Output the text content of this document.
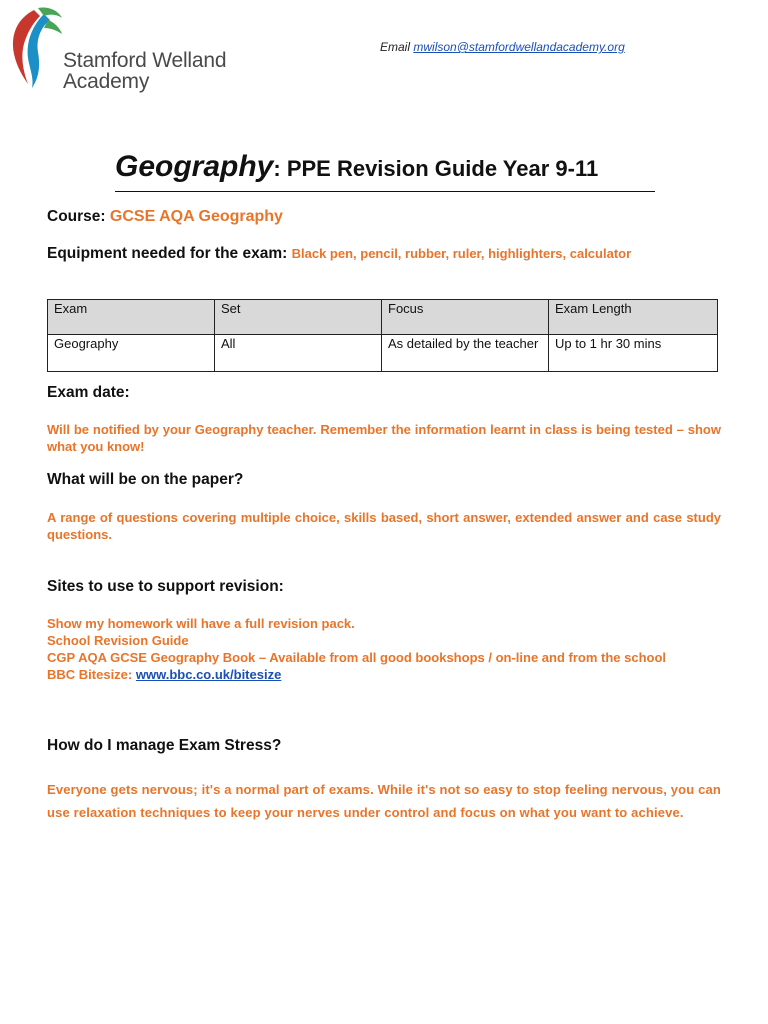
Stamford Welland
Academy
Email mwilson@stamfordwellandacademy.org
Geography: PPE Revision Guide Year 9-11
Course: GCSE AQA Geography
Equipment needed for the exam: Black pen, pencil, rubber, ruler, highlighters, calculator
Exam	Set	Focus	Exam Length
Geography	All	As detailed by the teacher	Up to 1 hr 30 mins
Exam date:
Will be notified by your Geography teacher. Remember the information learnt in class is being tested – show what you know!
What will be on the paper?
A range of questions covering multiple choice, skills based, short answer, extended answer and case study questions.
Sites to use to support revision:
Show my homework will have a full revision pack.
School Revision Guide
CGP AQA GCSE Geography Book – Available from all good bookshops / on-line and from the school
BBC Bitesize: www.bbc.co.uk/bitesize
How do I manage Exam Stress?
Everyone gets nervous; it's a normal part of exams. While it's not so easy to stop feeling nervous, you can use relaxation techniques to keep your nerves under control and focus on what you want to achieve.
